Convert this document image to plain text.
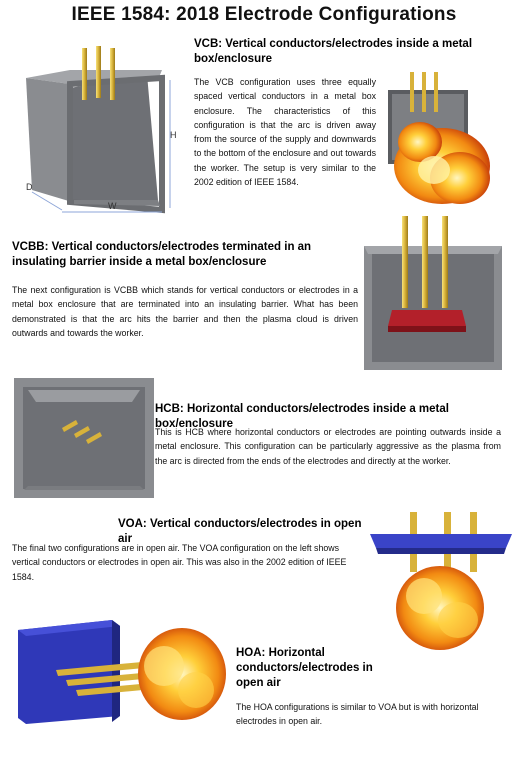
IEEE 1584: 2018 Electrode Configurations
H
D
W
VCB: Vertical conductors/electrodes inside a metal box/enclosure
The VCB configuration uses three equally spaced vertical conductors in a metal box enclosure. The characteristics of this configuration is that the arc is driven away from the source of the supply and downwards to the bottom of the enclosure and out towards the worker. The setup is very similar to the 2002 edition of IEEE 1584.
VCBB: Vertical conductors/electrodes terminated in an insulating barrier inside a metal box/enclosure
The next configuration is VCBB which stands for vertical conductors or electrodes in a metal box enclosure that are terminated into an insulating barrier. What has been demonstrated is that the arc hits the barrier and then the plasma cloud is driven outwards and towards the worker.
HCB: Horizontal conductors/electrodes inside a metal box/enclosure
This is HCB where horizontal conductors or electrodes are pointing outwards inside a metal enclosure. This configuration can be particularly aggressive as the plasma from the arc is directed from the ends of the electrodes and directly at the worker.
VOA: Vertical conductors/electrodes in open air
The final two configurations are in open air. The VOA configuration on the left shows vertical conductors or electrodes in open air. This was also in the 2002 edition of IEEE 1584.
HOA: Horizontal conductors/electrodes in open air
The HOA configurations is similar to VOA but is with horizontal electrodes in open air.
